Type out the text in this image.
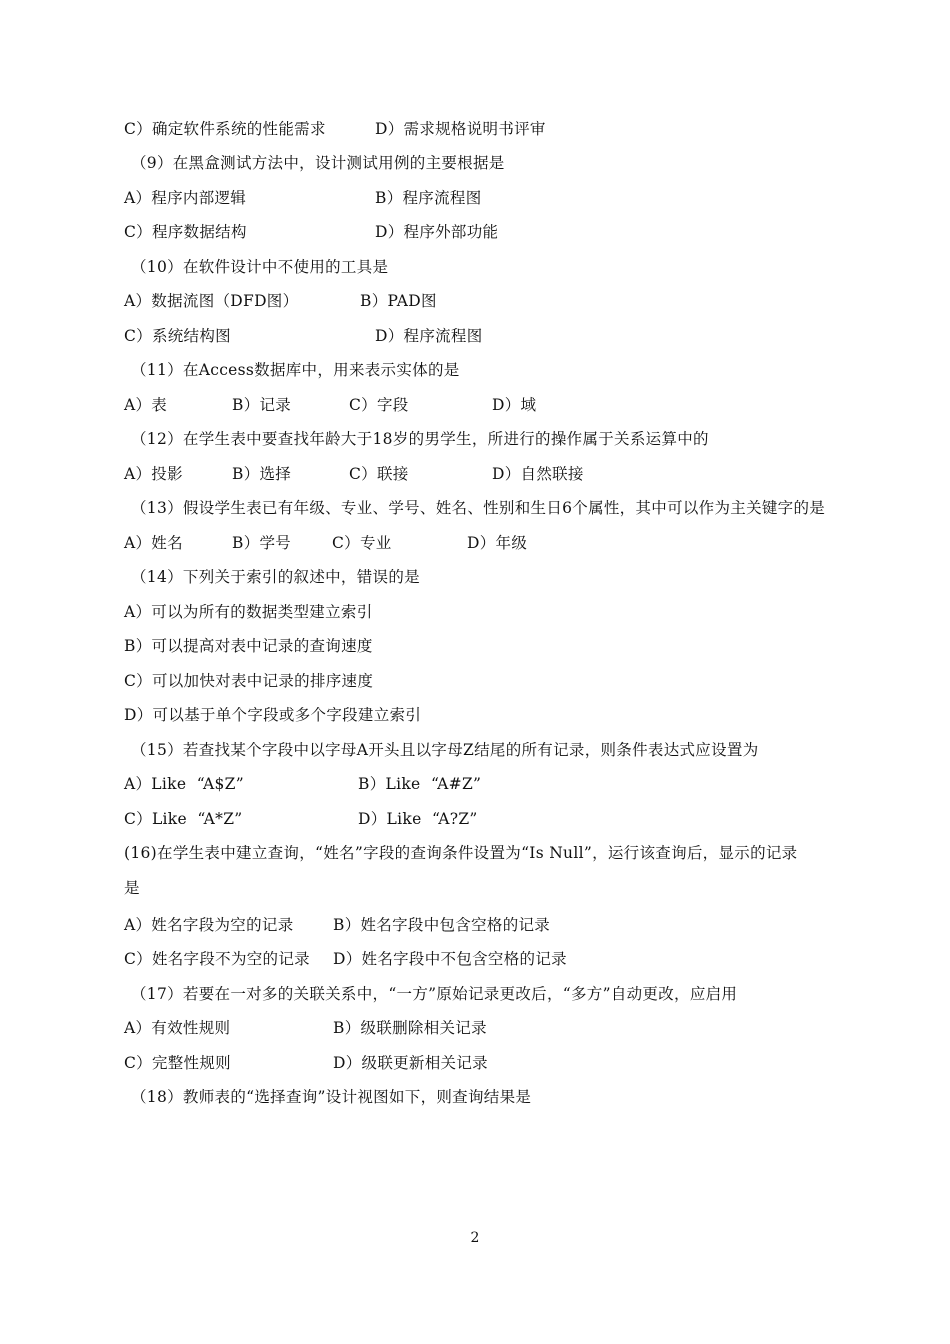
C）确定软件系统的性能需求	D）需求规格说明书评审
（9）在黑盒测试方法中，设计测试用例的主要根据是
A）程序内部逻辑	B）程序流程图
C）程序数据结构	D）程序外部功能
（10）在软件设计中不使用的工具是
A）数据流图（DFD图）	B）PAD图
C）系统结构图	D）程序流程图
（11）在Access数据库中，用来表示实体的是
A）表	B）记录	C）字段	D）域
（12）在学生表中要查找年龄大于18岁的男学生，所进行的操作属于关系运算中的
A）投影	B）选择	C）联接	D）自然联接
（13）假设学生表已有年级、专业、学号、姓名、性别和生日6个属性，其中可以作为主关键字的是
A）姓名	B）学号	C）专业	D）年级
（14）下列关于索引的叙述中，错误的是
A）可以为所有的数据类型建立索引
B）可以提高对表中记录的查询速度
C）可以加快对表中记录的排序速度
D）可以基于单个字段或多个字段建立索引
（15）若查找某个字段中以字母A开头且以字母Z结尾的所有记录，则条件表达式应设置为
A）Like  “A$Z”	B）Like  “A#Z”
C）Like  “A*Z”	D）Like  “A?Z”
(16)在学生表中建立查询，“姓名”字段的查询条件设置为“Is Null”，运行该查询后，显示的记录
是
A）姓名字段为空的记录	B）姓名字段中包含空格的记录
C）姓名字段不为空的记录 D）姓名字段中不包含空格的记录
（17）若要在一对多的关联关系中，“一方”原始记录更改后，“多方”自动更改，应启用
A）有效性规则	B）级联删除相关记录
C）完整性规则	D）级联更新相关记录
（18）教师表的“选择查询”设计视图如下，则查询结果是
2
